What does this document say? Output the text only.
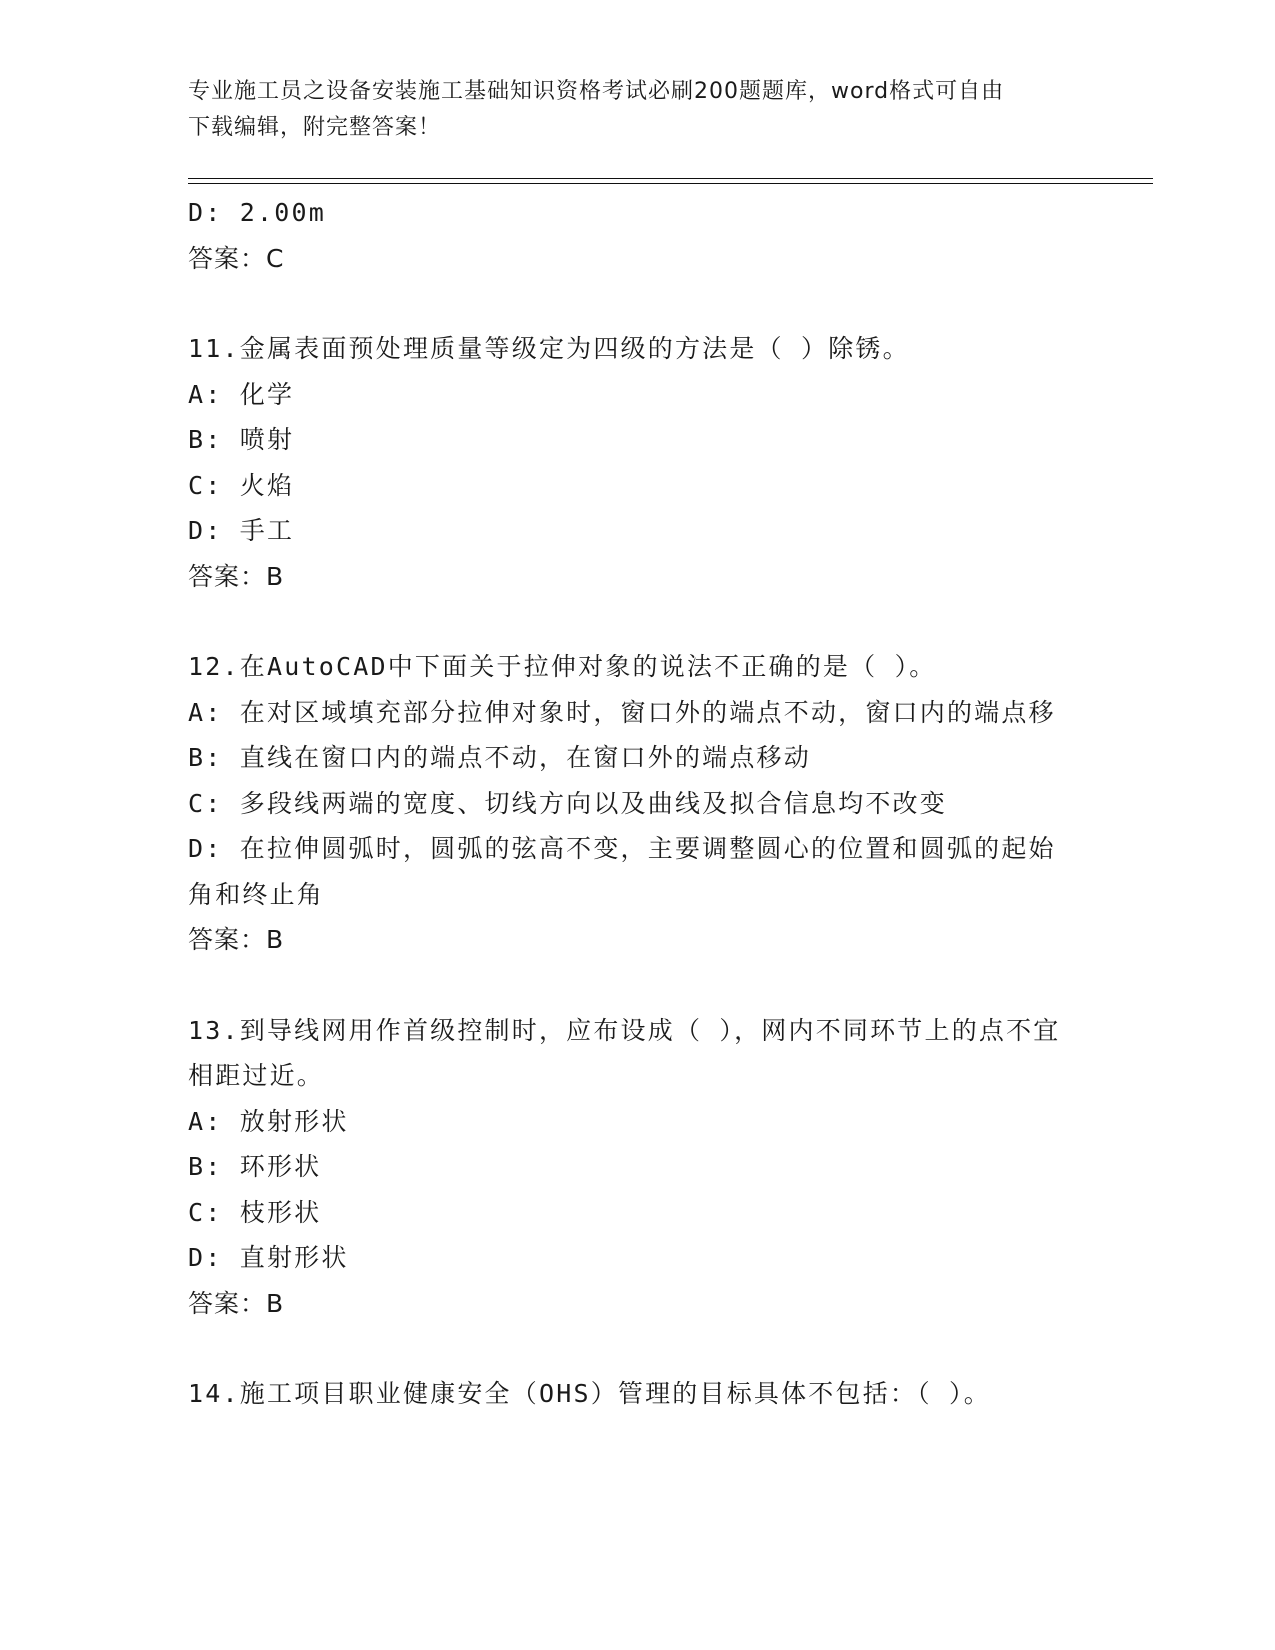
专业施工员之设备安装施工基础知识资格考试必刷200题题库，word格式可自由
下载编辑，附完整答案！
D: 2.00m
答案：C
11.金属表面预处理质量等级定为四级的方法是（ ）除锈。
A: 化学
B: 喷射
C: 火焰
D: 手工
答案：B
12.在AutoCAD中下面关于拉伸对象的说法不正确的是（ ）。
A: 在对区域填充部分拉伸对象时，窗口外的端点不动，窗口内的端点移
B: 直线在窗口内的端点不动，在窗口外的端点移动
C: 多段线两端的宽度、切线方向以及曲线及拟合信息均不改变
D: 在拉伸圆弧时，圆弧的弦高不变，主要调整圆心的位置和圆弧的起始角和终止角
答案：B
13.到导线网用作首级控制时，应布设成（ ），网内不同环节上的点不宜相距过近。
A: 放射形状
B: 环形状
C: 枝形状
D: 直射形状
答案：B
14.施工项目职业健康安全（OHS）管理的目标具体不包括：（ ）。
